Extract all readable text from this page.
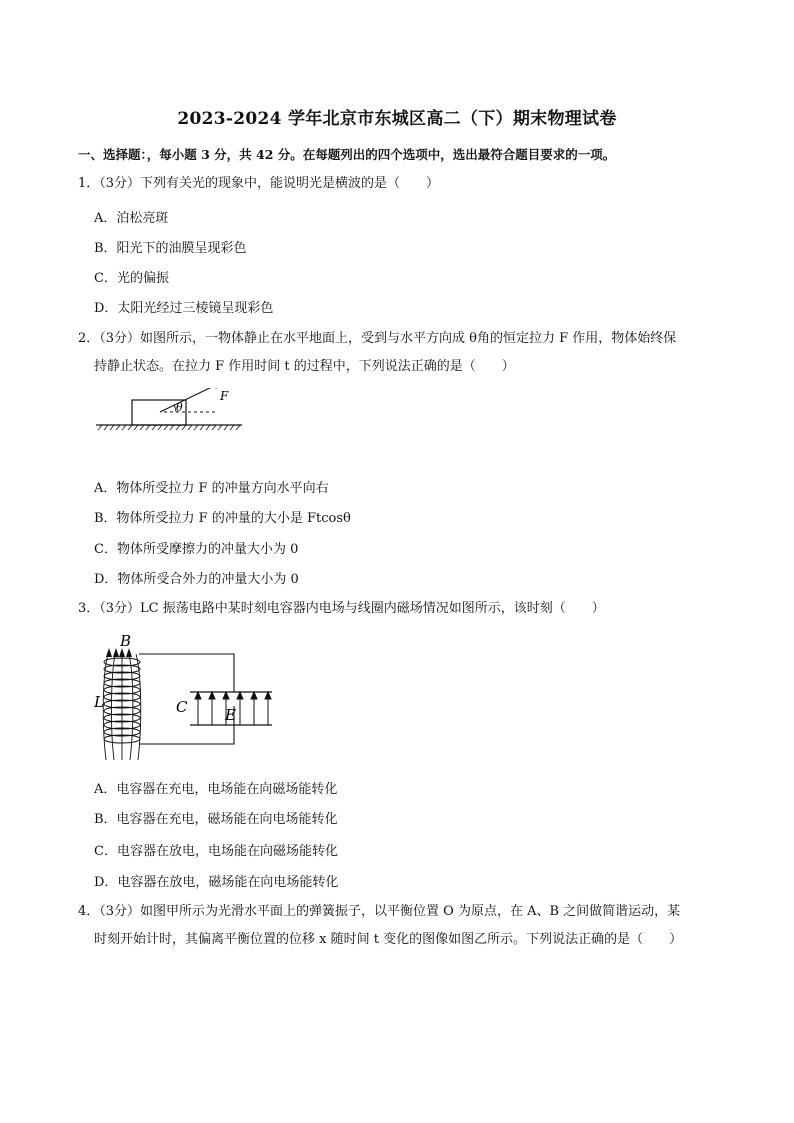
2023-2024 学年北京市东城区高二（下）期末物理试卷
一、选择题：，每小题 3 分，共 42 分。在每题列出的四个选项中，选出最符合题目要求的一项。
1．（3分）下列有关光的现象中，能说明光是横波的是（　　）
A．泊松亮斑
B．阳光下的油膜呈现彩色
C．光的偏振
D．太阳光经过三棱镜呈现彩色
2．（3分）如图所示，一物体静止在水平地面上，受到与水平方向成 θ角的恒定拉力 F 作用，物体始终保
持静止状态。在拉力 F 作用时间 t 的过程中，下列说法正确的是（　　）
θ
F
A．物体所受拉力 F 的冲量方向水平向右
B．物体所受拉力 F 的冲量的大小是 Ftcosθ
C．物体所受摩擦力的冲量大小为 0
D．物体所受合外力的冲量大小为 0
3．（3分）LC 振荡电路中某时刻电容器内电场与线圈内磁场情况如图所示，该时刻（　　）
B
L	C	E
A．电容器在充电，电场能在向磁场能转化
B．电容器在充电，磁场能在向电场能转化
C．电容器在放电，电场能在向磁场能转化
D．电容器在放电，磁场能在向电场能转化
4．（3分）如图甲所示为光滑水平面上的弹簧振子，以平衡位置 O 为原点，在 A、B 之间做简谐运动，某
时刻开始计时，其偏离平衡位置的位移 x 随时间 t 变化的图像如图乙所示。下列说法正确的是（　　）
